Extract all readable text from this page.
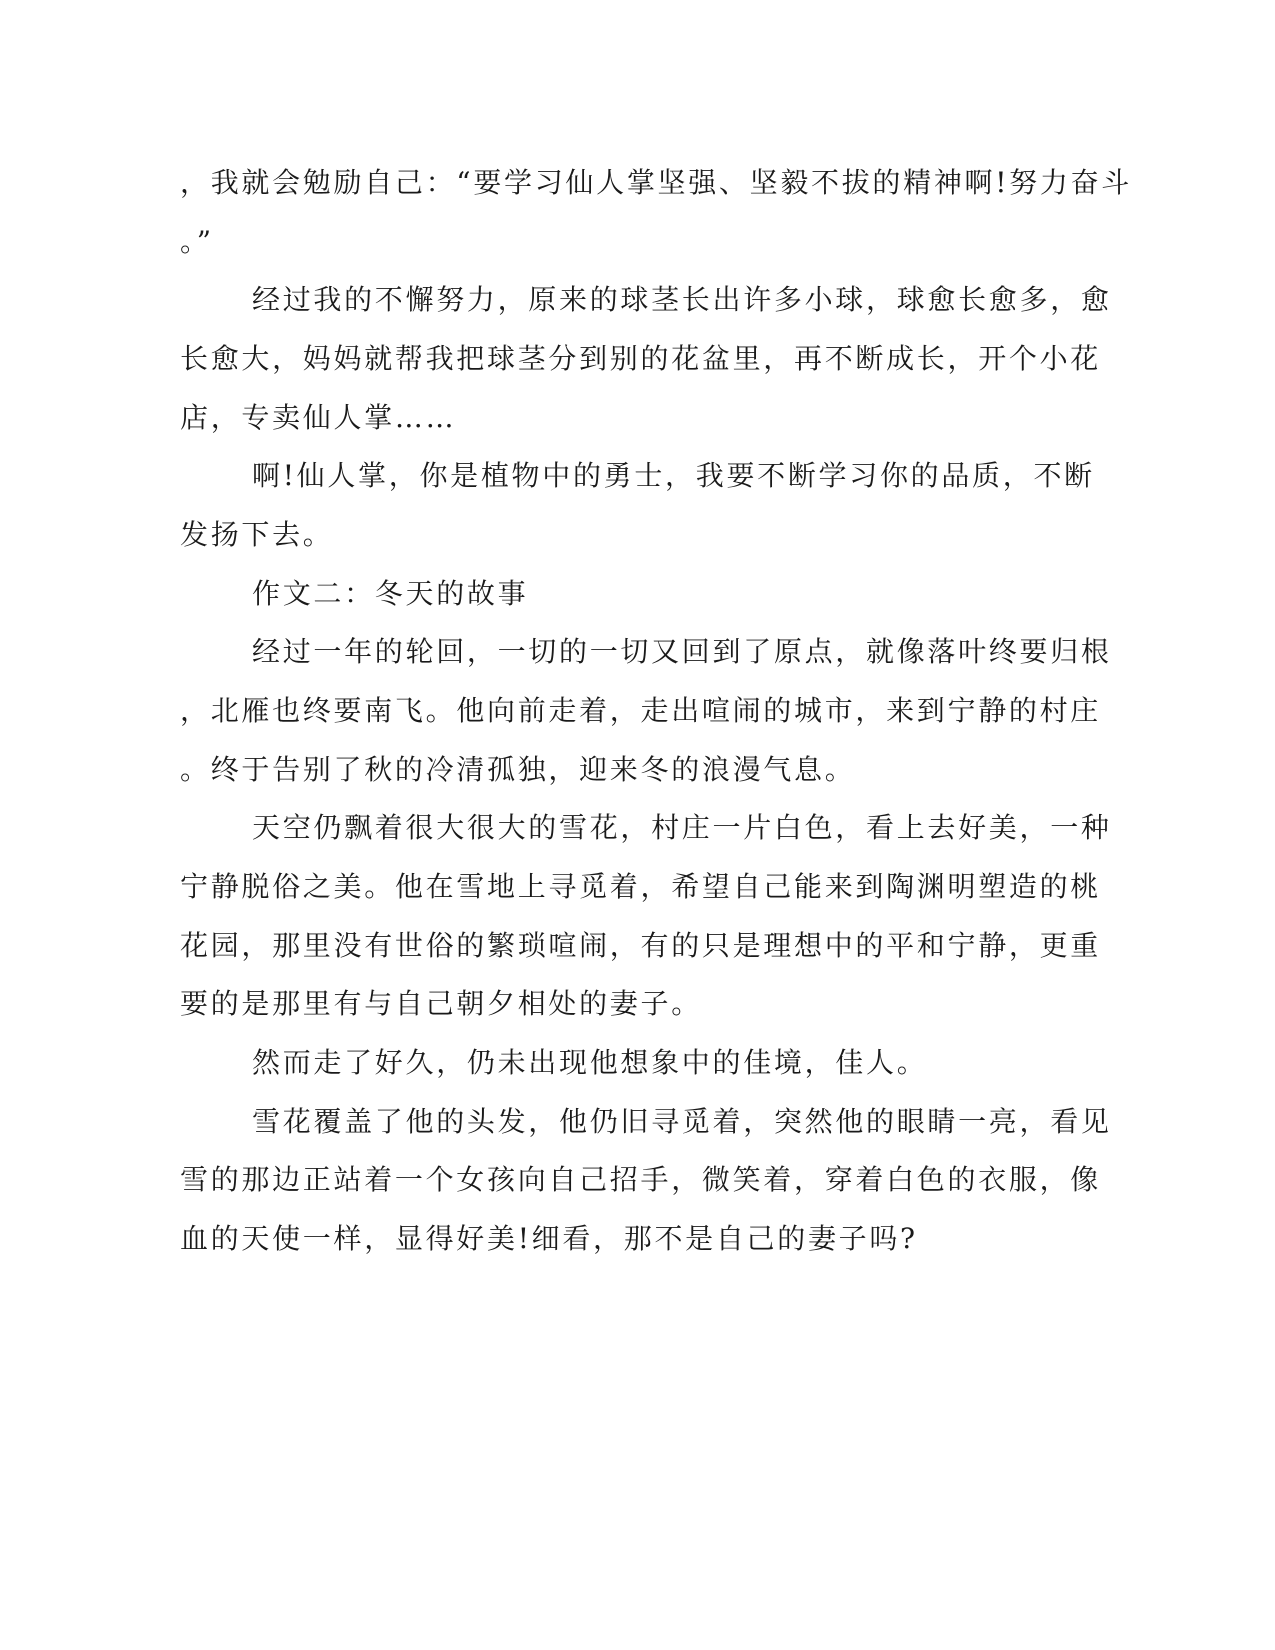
，我就会勉励自己：“要学习仙人掌坚强、坚毅不拔的精神啊!努力奋斗
。”
经过我的不懈努力，原来的球茎长出许多小球，球愈长愈多，愈
长愈大，妈妈就帮我把球茎分到别的花盆里，再不断成长，开个小花
店，专卖仙人掌……
啊!仙人掌，你是植物中的勇士，我要不断学习你的品质，不断
发扬下去。
作文二：冬天的故事
经过一年的轮回，一切的一切又回到了原点，就像落叶终要归根
，北雁也终要南飞。他向前走着，走出喧闹的城市，来到宁静的村庄
。终于告别了秋的冷清孤独，迎来冬的浪漫气息。
天空仍飘着很大很大的雪花，村庄一片白色，看上去好美，一种
宁静脱俗之美。他在雪地上寻觅着，希望自己能来到陶渊明塑造的桃
花园，那里没有世俗的繁琐喧闹，有的只是理想中的平和宁静，更重
要的是那里有与自己朝夕相处的妻子。
然而走了好久，仍未出现他想象中的佳境，佳人。
雪花覆盖了他的头发，他仍旧寻觅着，突然他的眼睛一亮，看见
雪的那边正站着一个女孩向自己招手，微笑着，穿着白色的衣服，像
血的天使一样，显得好美!细看，那不是自己的妻子吗?
